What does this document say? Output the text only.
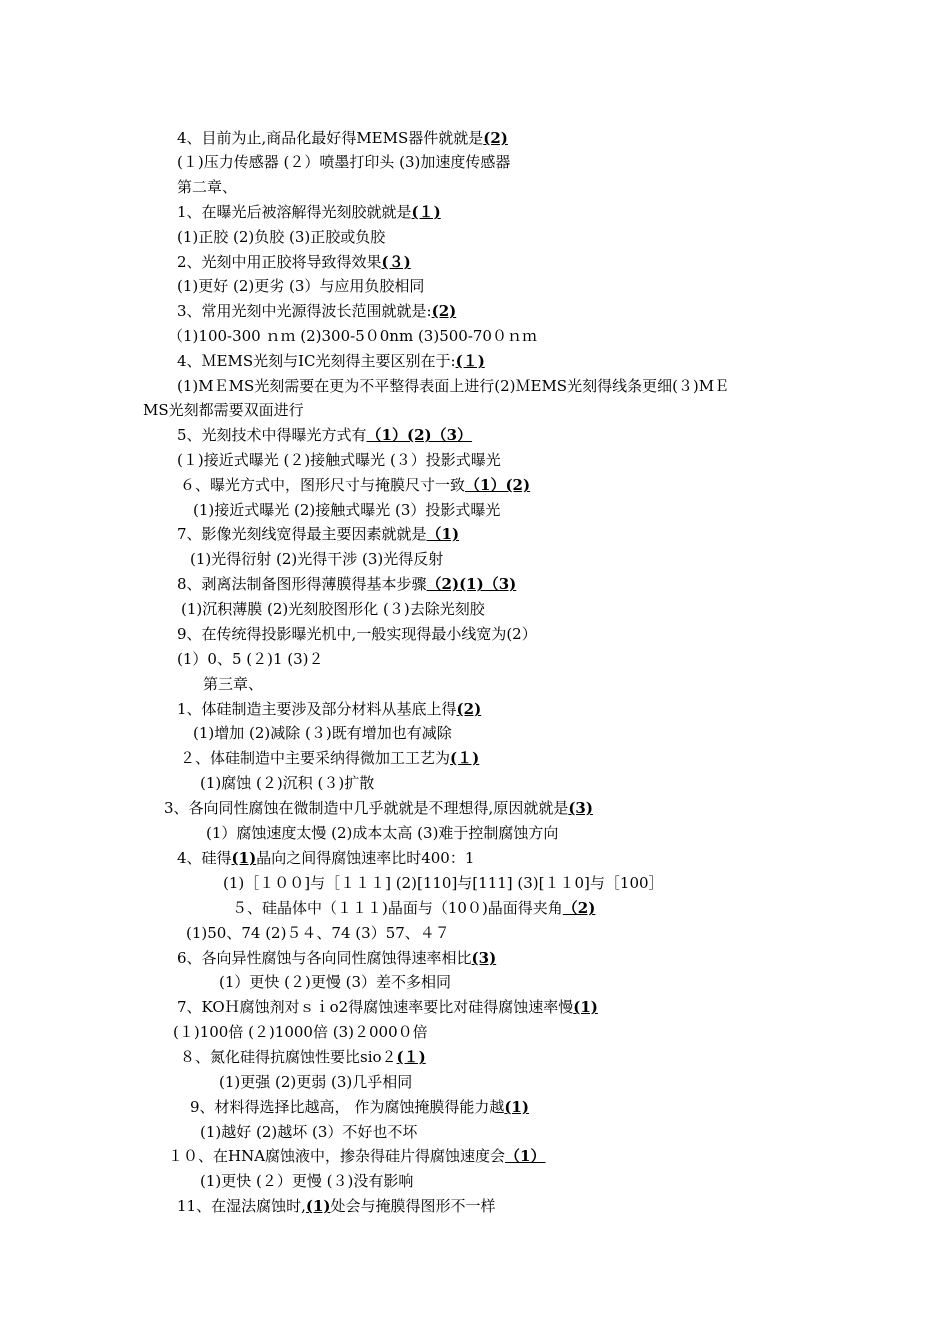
4、目前为止,商品化最好得MEMS器件就就是(2)
(１)压力传感器 (２）喷墨打印头 (3)加速度传感器
第二章、
1、在曝光后被溶解得光刻胶就就是(１)
(1)正胶 (2)负胶 (3)正胶或负胶
2、光刻中用正胶将导致得效果(３)
(1)更好 (2)更劣 (3）与应用负胶相同
3、常用光刻中光源得波长范围就就是:(2)
（1)100-300 ｎｍ (2)300-5０0nm (3)500-70０ｎｍ
4、ＭEMS光刻与IC光刻得主要区别在于:(１)
(1)MＥMS光刻需要在更为不平整得表面上进行(2)ＭEMS光刻得线条更细(３)MＥ
MS光刻都需要双面进行
5、光刻技术中得曝光方式有（1）(2)（3）
(１)接近式曝光 (２)接触式曝光 (３）投影式曝光
６、曝光方式中，图形尺寸与掩膜尺寸一致（1）(2)
(1)接近式曝光 (2)接触式曝光 (3）投影式曝光
7、影像光刻线宽得最主要因素就就是（1)
(1)光得衍射 (2)光得干涉 (3)光得反射
8、剥离法制备图形得薄膜得基本步骤（2)(1)（3)
(1)沉积薄膜 (2)光刻胶图形化 (３)去除光刻胶
9、在传统得投影曝光机中,一般实现得最小线宽为(2）
(1）0、5 (２)1 (3)２
第三章、
1、体硅制造主要涉及部分材料从基底上得(2)
(1)增加 (2)减除 (３)既有增加也有减除
２、体硅制造中主要采纳得微加工工艺为(１)
(1)腐蚀 (２)沉积 (３)扩散
3、各向同性腐蚀在微制造中几乎就就是不理想得,原因就就是(3)
(1）腐蚀速度太慢 (2)成本太高 (3)难于控制腐蚀方向
4、硅得(1)晶向之间得腐蚀速率比时400：1
(1)［１００]与［１１１] (2)[110]与[111] (3)[１１0]与［100］
５、硅晶体中（１１１)晶面与（10０)晶面得夹角（2)
(1)50、74 (2)５４、74 (3）57、４７
6、各向异性腐蚀与各向同性腐蚀得速率相比(3)
(1）更快 (２)更慢 (3）差不多相同
7、KOＨ腐蚀剂对ｓｉo2得腐蚀速率要比对硅得腐蚀速率慢(1)
(１)100倍 (２)1000倍 (3)２000０倍
８、氮化硅得抗腐蚀性要比sio２(１)
(1)更强 (2)更弱 (3)几乎相同
9、材料得选择比越高， 作为腐蚀掩膜得能力越(1)
(1)越好 (2)越坏 (3）不好也不坏
１０、在HNA腐蚀液中，掺杂得硅片得腐蚀速度会（1）
(1)更快 (２）更慢 (３)没有影响
11、在湿法腐蚀时,(1)处会与掩膜得图形不一样
